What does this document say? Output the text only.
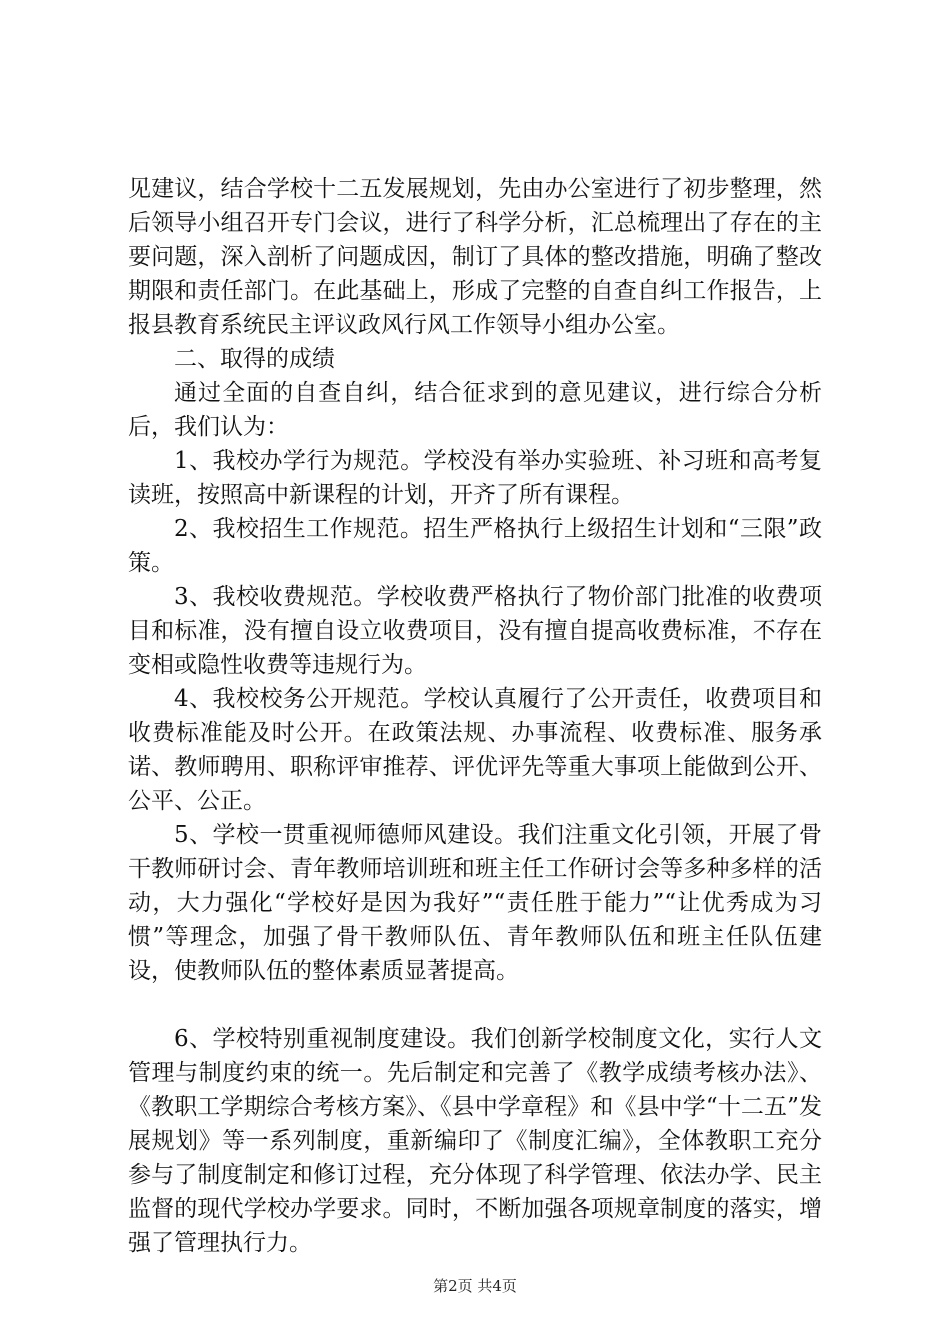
见建议，结合学校十二五发展规划，先由办公室进行了初步整理，然后领导小组召开专门会议，进行了科学分析，汇总梳理出了存在的主要问题，深入剖析了问题成因，制订了具体的整改措施，明确了整改期限和责任部门。在此基础上，形成了完整的自查自纠工作报告，上报县教育系统民主评议政风行风工作领导小组办公室。

二、取得的成绩

通过全面的自查自纠，结合征求到的意见建议，进行综合分析后，我们认为：

1、我校办学行为规范。学校没有举办实验班、补习班和高考复读班，按照高中新课程的计划，开齐了所有课程。

2、我校招生工作规范。招生严格执行上级招生计划和“三限”政策。

3、我校收费规范。学校收费严格执行了物价部门批准的收费项目和标准，没有擅自设立收费项目，没有擅自提高收费标准，不存在变相或隐性收费等违规行为。

4、我校校务公开规范。学校认真履行了公开责任，收费项目和收费标准能及时公开。在政策法规、办事流程、收费标准、服务承诺、教师聘用、职称评审推荐、评优评先等重大事项上能做到公开、公平、公正。

5、学校一贯重视师德师风建设。我们注重文化引领，开展了骨干教师研讨会、青年教师培训班和班主任工作研讨会等多种多样的活动，大力强化“学校好是因为我好”“责任胜于能力”“让优秀成为习惯”等理念，加强了骨干教师队伍、青年教师队伍和班主任队伍建设，使教师队伍的整体素质显著提高。

6、学校特别重视制度建设。我们创新学校制度文化，实行人文管理与制度约束的统一。先后制定和完善了《教学成绩考核办法》、《教职工学期综合考核方案》、《县中学章程》和《县中学“十二五”发展规划》等一系列制度，重新编印了《制度汇编》，全体教职工充分参与了制度制定和修订过程，充分体现了科学管理、依法办学、民主监督的现代学校办学要求。同时，不断加强各项规章制度的落实，增强了管理执行力。

第2页 共4页
